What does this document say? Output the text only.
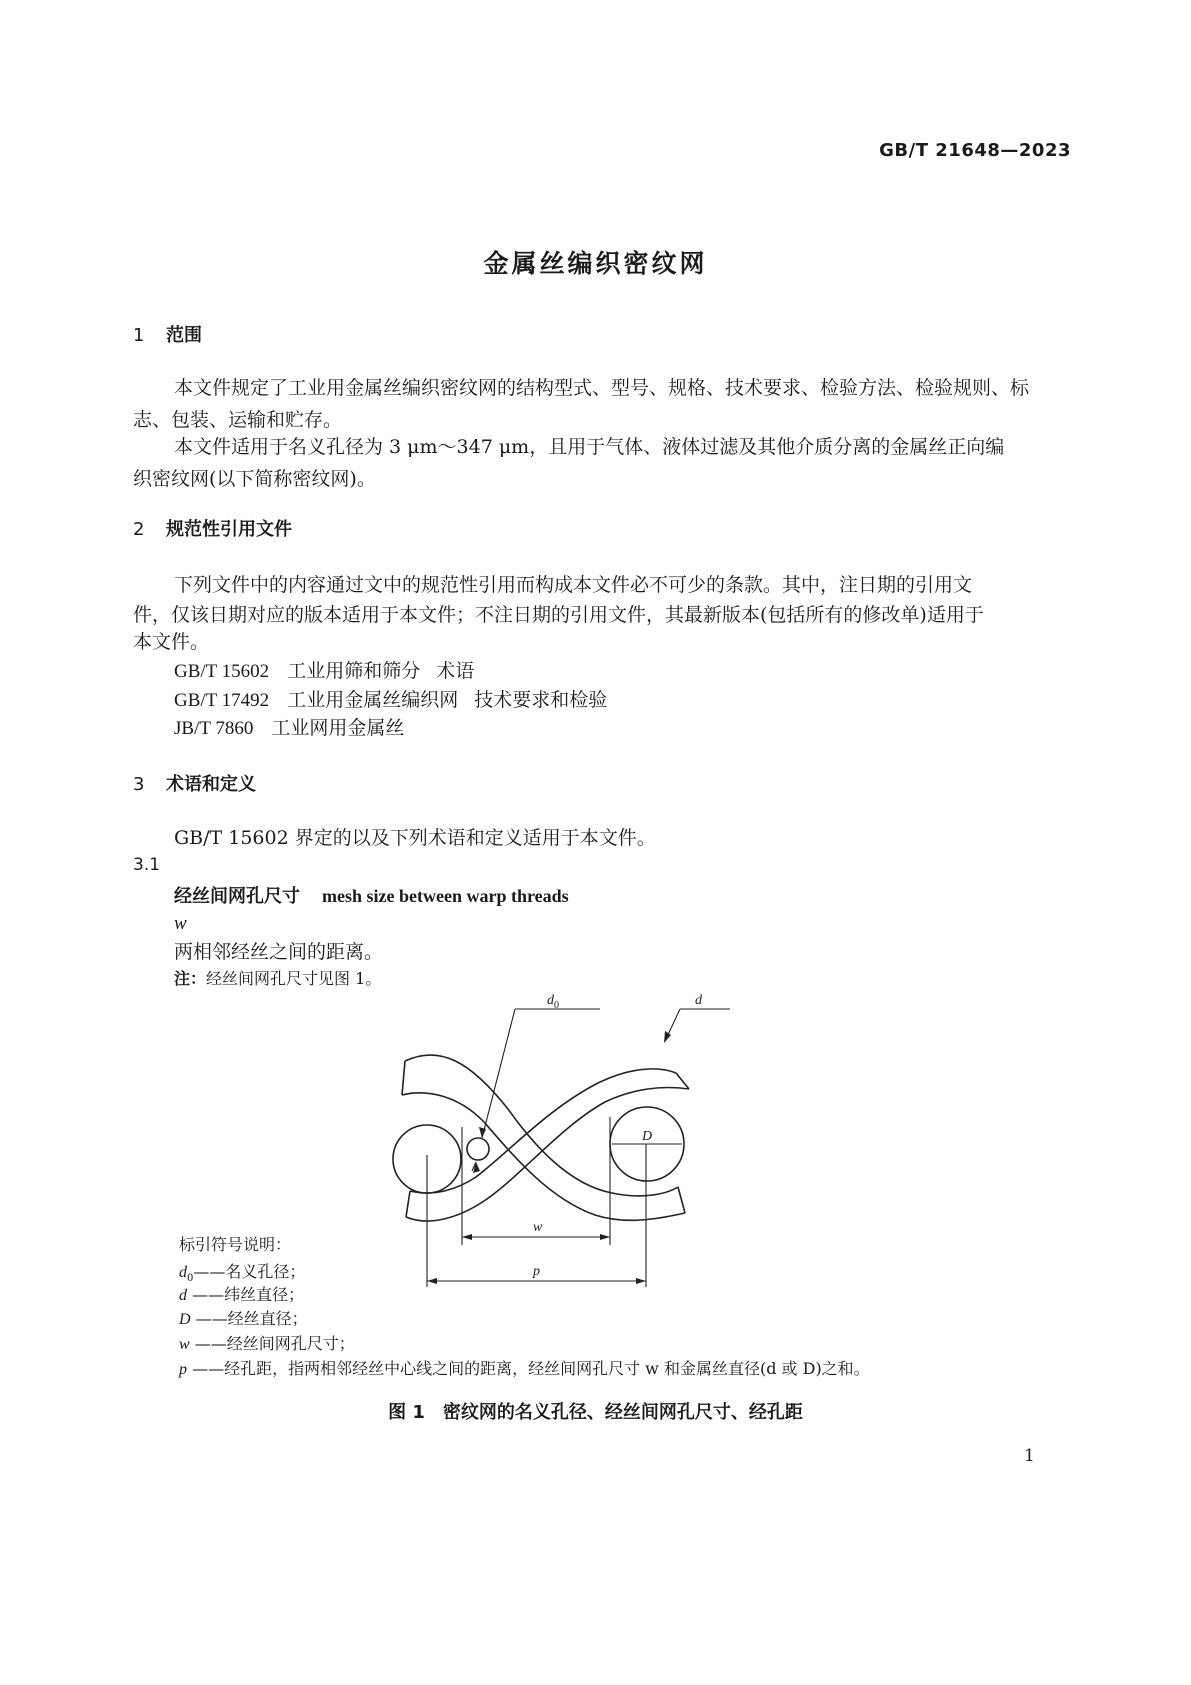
GB/T 21648—2023
金属丝编织密纹网
1 范围
本文件规定了工业用金属丝编织密纹网的结构型式、型号、规格、技术要求、检验方法、检验规则、标
志、包装、运输和贮存。
本文件适用于名义孔径为 3 μm～347 μm，且用于气体、液体过滤及其他介质分离的金属丝正向编
织密纹网(以下简称密纹网)。
2 规范性引用文件
下列文件中的内容通过文中的规范性引用而构成本文件必不可少的条款。其中，注日期的引用文
件，仅该日期对应的版本适用于本文件；不注日期的引用文件，其最新版本(包括所有的修改单)适用于
本文件。
GB/T 15602 工业用筛和筛分 术语
GB/T 17492 工业用金属丝编织网 技术要求和检验
JB/T 7860 工业网用金属丝
3 术语和定义
GB/T 15602 界定的以及下列术语和定义适用于本文件。
3.1
经丝间网孔尺寸 mesh size between warp threads
w
两相邻经丝之间的距离。
注：经丝间网孔尺寸见图 1。
$d_0$	d
D
w
p
标引符号说明：
$d_0——$名义孔径；
d ——纬丝直径；
D ——经丝直径；
w ——经丝间网孔尺寸；
p ——经孔距，指两相邻经丝中心线之间的距离，经丝间网孔尺寸 w 和金属丝直径(d 或 D)之和。
图 1　密纹网的名义孔径、经丝间网孔尺寸、经孔距
1
